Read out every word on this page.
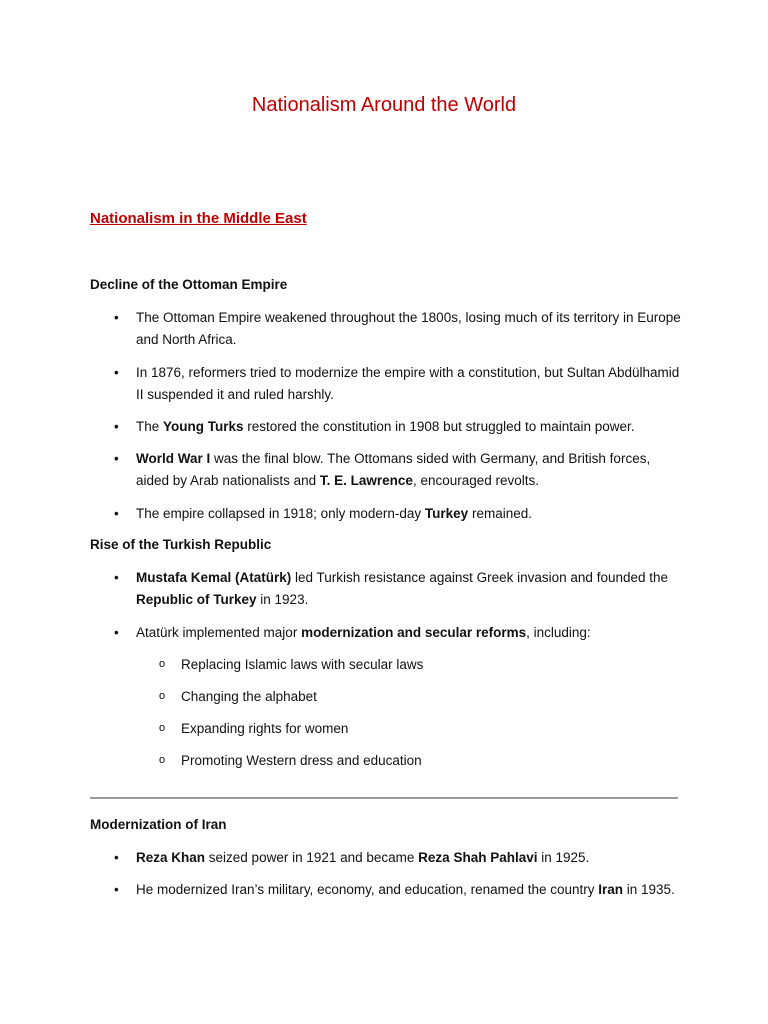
Nationalism Around the World
Nationalism in the Middle East
Decline of the Ottoman Empire
• The Ottoman Empire weakened throughout the 1800s, losing much of its territory in Europe and North Africa.
• In 1876, reformers tried to modernize the empire with a constitution, but Sultan Abdülhamid II suspended it and ruled harshly.
• The Young Turks restored the constitution in 1908 but struggled to maintain power.
• World War I was the final blow. The Ottomans sided with Germany, and British forces, aided by Arab nationalists and T. E. Lawrence, encouraged revolts.
• The empire collapsed in 1918; only modern-day Turkey remained.
Rise of the Turkish Republic
• Mustafa Kemal (Atatürk) led Turkish resistance against Greek invasion and founded the Republic of Turkey in 1923.
• Atatürk implemented major modernization and secular reforms, including:
o Replacing Islamic laws with secular laws
o Changing the alphabet
o Expanding rights for women
o Promoting Western dress and education
Modernization of Iran
• Reza Khan seized power in 1921 and became Reza Shah Pahlavi in 1925.
• He modernized Iran’s military, economy, and education, renamed the country Iran in 1935.
